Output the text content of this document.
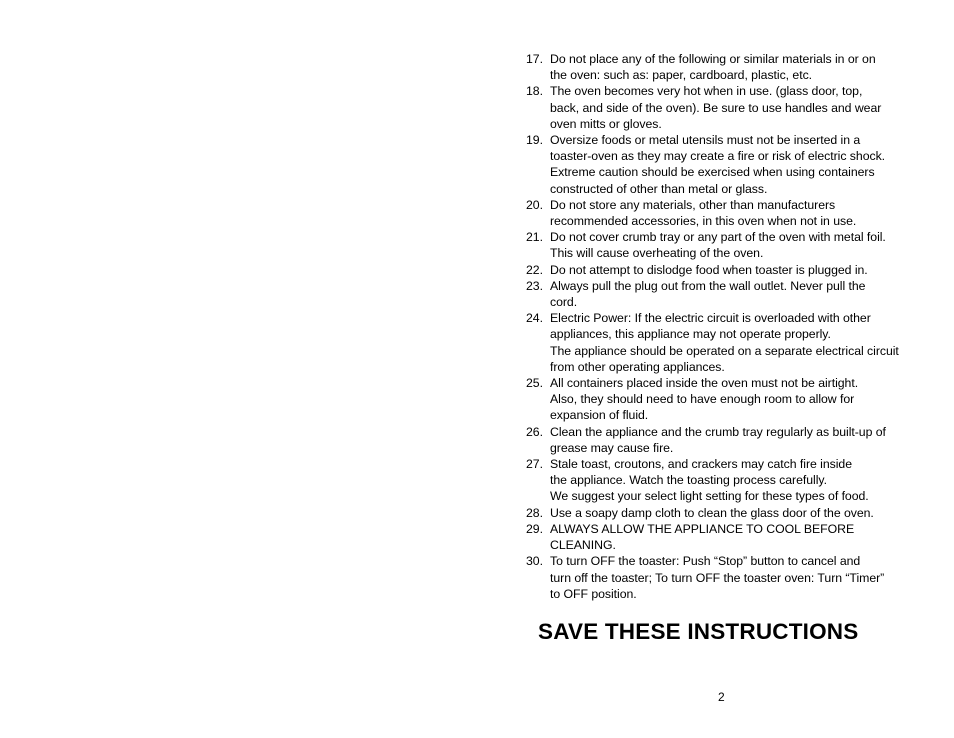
17. Do not place any of the following or similar materials in or on
the oven: such as: paper, cardboard, plastic, etc.
18. The oven becomes very hot when in use. (glass door, top,
back, and side of the oven). Be sure to use handles and wear
oven mitts or gloves.
19. Oversize foods or metal utensils must not be inserted in a
toaster-oven as they may create a fire or risk of electric shock.
Extreme caution should be exercised when using containers
constructed of other than metal or glass.
20. Do not store any materials, other than manufacturers
recommended accessories, in this oven when not in use.
21. Do not cover crumb tray or any part of the oven with metal foil.
This will cause overheating of the oven.
22. Do not attempt to dislodge food when toaster is plugged in.
23. Always pull the plug out from the wall outlet. Never pull the
cord.
24. Electric Power: If the electric circuit is overloaded with other
appliances, this appliance may not operate properly.
The appliance should be operated on a separate electrical circuit
from other operating appliances.
25. All containers placed inside the oven must not be airtight.
Also, they should need to have enough room to allow for
expansion of fluid.
26. Clean the appliance and the crumb tray regularly as built-up of
grease may cause fire.
27. Stale toast, croutons, and crackers may catch fire inside
the appliance. Watch the toasting process carefully.
We suggest your select light setting for these types of food.
28. Use a soapy damp cloth to clean the glass door of the oven.
29. ALWAYS ALLOW THE APPLIANCE TO COOL BEFORE
CLEANING.
30. To turn OFF the toaster: Push “Stop” button to cancel and
turn off the toaster; To turn OFF the toaster oven: Turn “Timer”
to OFF position.
SAVE THESE INSTRUCTIONS
2
